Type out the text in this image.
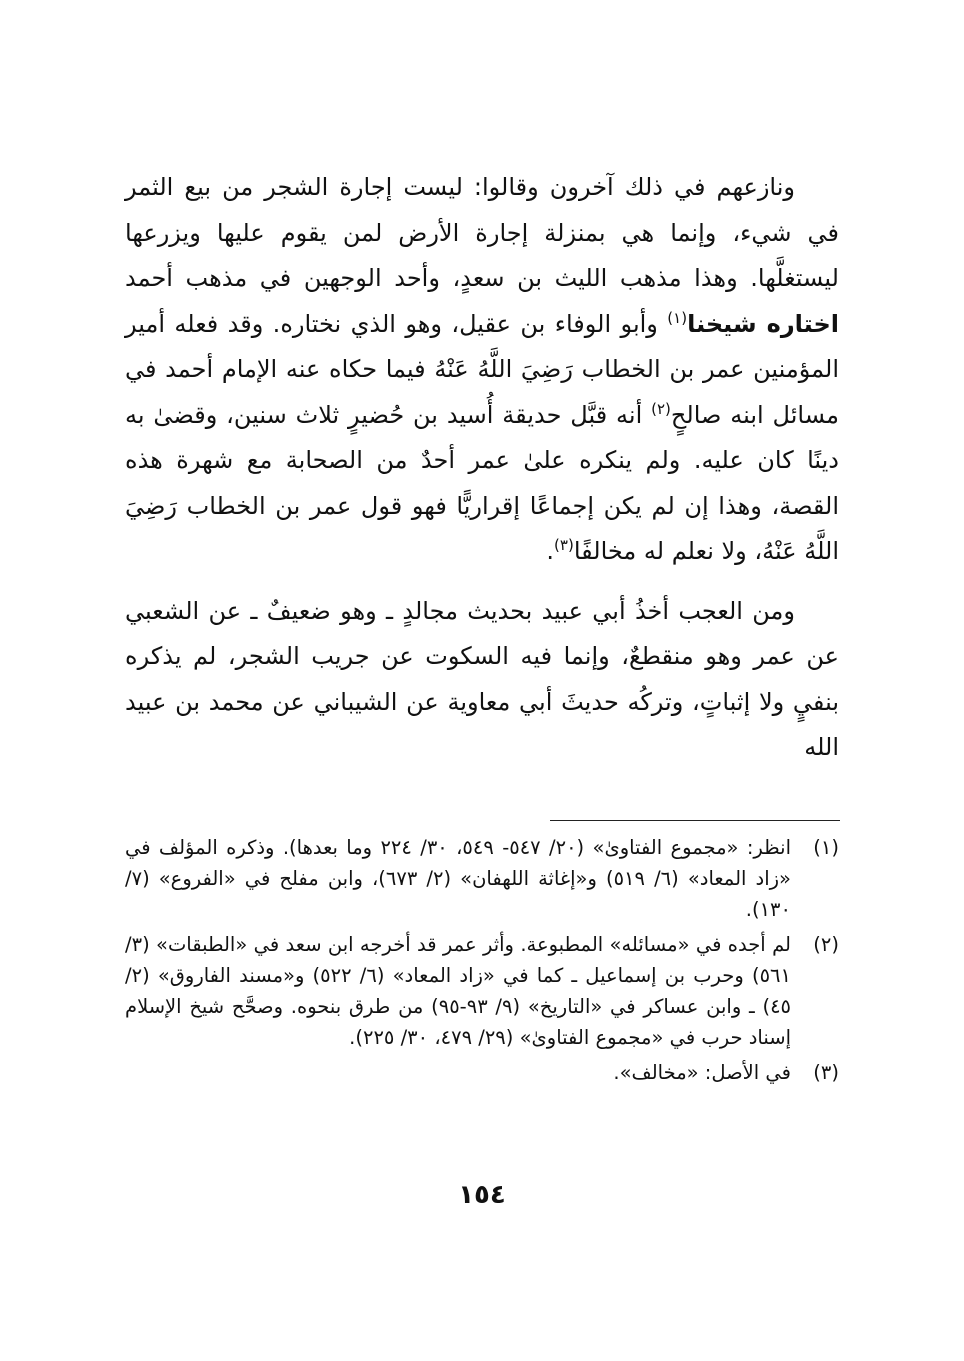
ونازعهم في ذلك آخرون وقالوا: ليست إجارة الشجر من بيع الثمر في شيء، وإنما هي بمنزلة إجارة الأرض لمن يقوم عليها ويزرعها ليستغلَّها. وهذا مذهب الليث بن سعدٍ، وأحد الوجهين في مذهب أحمد اختاره شيخنا$^{(١)}$ وأبو الوفاء بن عقيل، وهو الذي نختاره. وقد فعله أمير المؤمنين عمر بن الخطاب رَضِيَ اللَّهُ عَنْهُ فيما حكاه عنه الإمام أحمد في مسائل ابنه صالحٍ$^{(٢)}$ أنه قبَّل حديقة أُسيد بن حُضيرٍ ثلاث سنين، وقضىٰ به دينًا كان عليه. ولم ينكره علىٰ عمر أحدٌ من الصحابة مع شهرة هذه القصة، وهذا إن لم يكن إجماعًا إقراريًّا فهو قول عمر بن الخطاب رَضِيَ اللَّهُ عَنْهُ، ولا نعلم له مخالفًا$^{(٣)}$.

ومن العجب أخذُ أبي عبيد بحديث مجالدٍ ـ وهو ضعيفٌ ـ عن الشعبي عن عمر وهو منقطعٌ، وإنما فيه السكوت عن جريب الشجر، لم يذكره بنفيٍ ولا إثباتٍ، وتركُه حديثَ أبي معاوية عن الشيباني عن محمد بن عبيد الله

(١)
انظر: «مجموع الفتاوىٰ» (٢٠/ ٥٤٧- ٥٤٩، ٣٠/ ٢٢٤ وما بعدها). وذكره المؤلف في «زاد المعاد» (٦/ ٥١٩) و«إغاثة اللهفان» (٢/ ٦٧٣)، وابن مفلح في «الفروع» (٧/ ١٣٠).
(٢)
لم أجده في «مسائله» المطبوعة. وأثر عمر قد أخرجه ابن سعد في «الطبقات» (٣/ ٥٦١) وحرب بن إسماعيل ـ كما في «زاد المعاد» (٦/ ٥٢٢) و«مسند الفاروق» (٢/ ٤٥) ـ وابن عساكر في «التاريخ» (٩/ ٩٣-٩٥) من طرق بنحوه. وصحَّح شيخ الإسلام إسناد حرب في «مجموع الفتاوىٰ» (٢٩/ ٤٧٩، ٣٠/ ٢٢٥).
(٣)
في الأصل: «مخالف».
١٥٤
